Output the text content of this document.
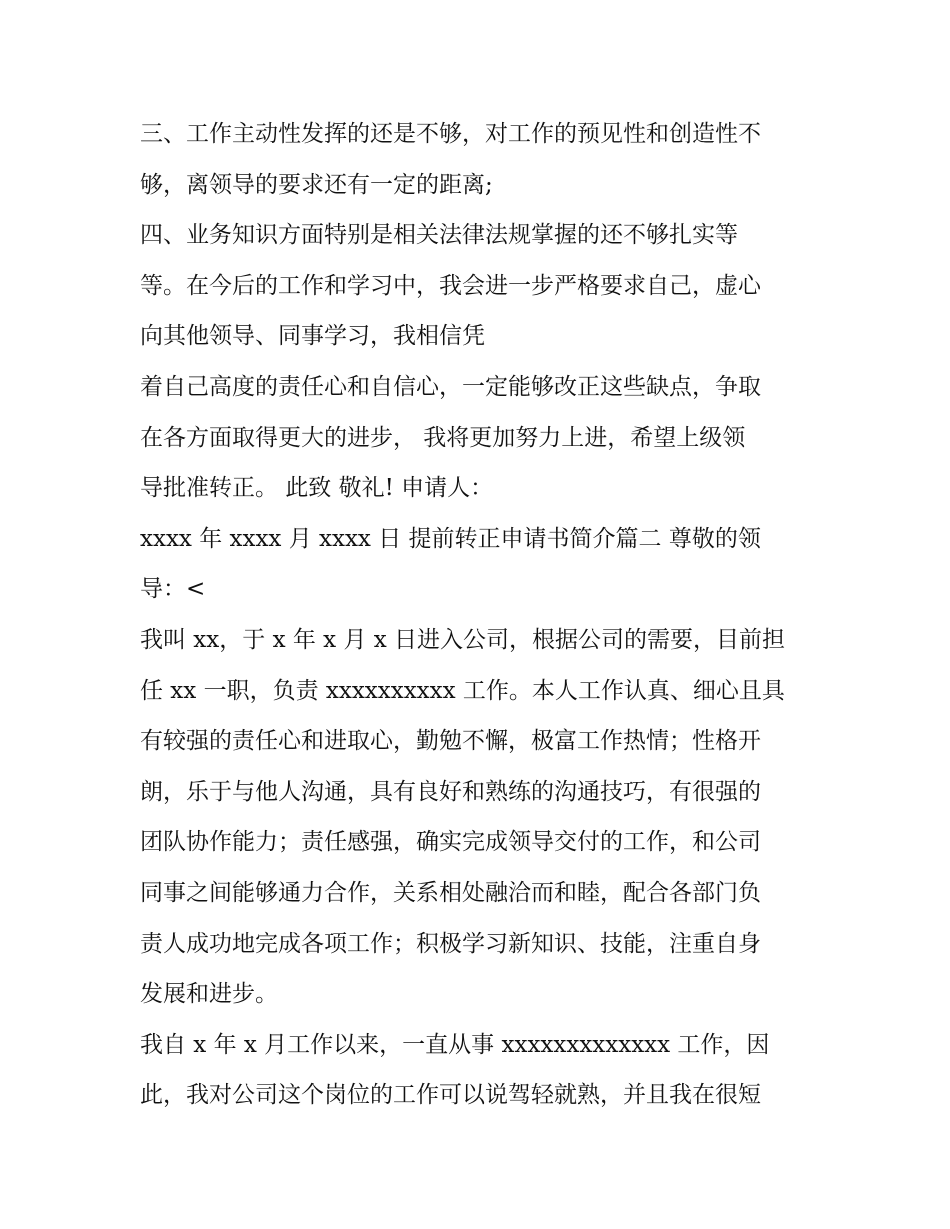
三、工作主动性发挥的还是不够，对工作的预见性和创造性不
够，离领导的要求还有一定的距离;
四、业务知识方面特别是相关法律法规掌握的还不够扎实等
等。在今后的工作和学习中，我会进一步严格要求自己，虚心
向其他领导、同事学习，我相信凭
着自己高度的责任心和自信心，一定能够改正这些缺点，争取
在各方面取得更大的进步， 我将更加努力上进，希望上级领
导批准转正。 此致 敬礼! 申请人：
xxxx 年 xxxx 月 xxxx 日 提前转正申请书简介篇二 尊敬的领
导：<
我叫 xx，于 x 年 x 月 x 日进入公司，根据公司的需要，目前担
任 xx 一职，负责 xxxxxxxxxx 工作。本人工作认真、细心且具
有较强的责任心和进取心，勤勉不懈，极富工作热情；性格开
朗，乐于与他人沟通，具有良好和熟练的沟通技巧，有很强的
团队协作能力；责任感强，确实完成领导交付的工作，和公司
同事之间能够通力合作，关系相处融洽而和睦，配合各部门负
责人成功地完成各项工作；积极学习新知识、技能，注重自身
发展和进步。
我自 x 年 x 月工作以来，一直从事 xxxxxxxxxxxxx 工作，因
此，我对公司这个岗位的工作可以说驾轻就熟，并且我在很短
